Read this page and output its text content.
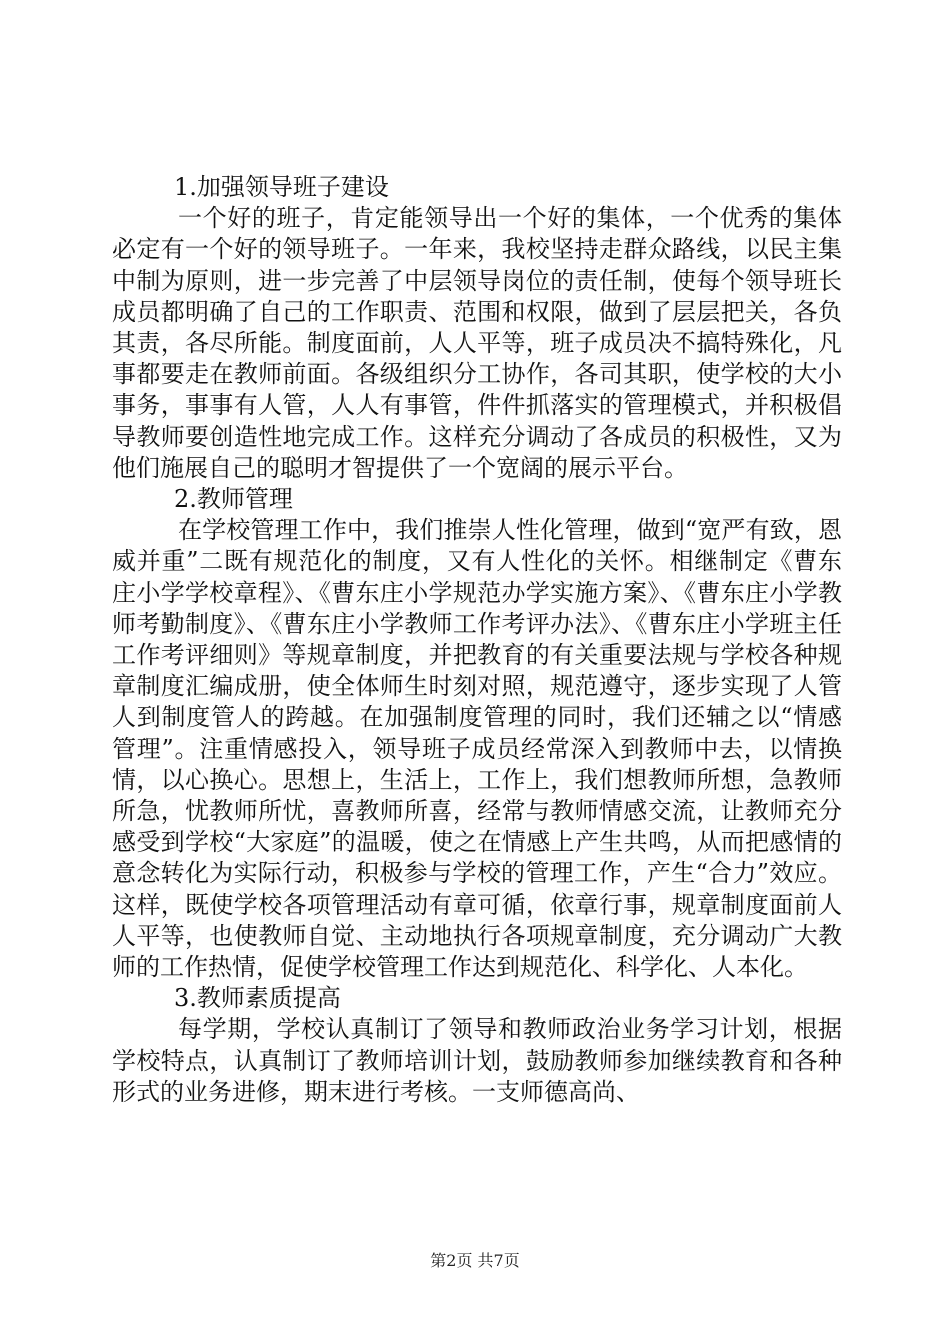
1.加强领导班子建设

一个好的班子，肯定能领导出一个好的集体，一个优秀的集体必定有一个好的领导班子。一年来，我校坚持走群众路线，以民主集中制为原则，进一步完善了中层领导岗位的责任制，使每个领导班长成员都明确了自己的工作职责、范围和权限，做到了层层把关，各负其责，各尽所能。制度面前，人人平等，班子成员决不搞特殊化，凡事都要走在教师前面。各级组织分工协作，各司其职，使学校的大小事务，事事有人管，人人有事管，件件抓落实的管理模式，并积极倡导教师要创造性地完成工作。这样充分调动了各成员的积极性，又为他们施展自己的聪明才智提供了一个宽阔的展示平台。

2.教师管理

在学校管理工作中，我们推崇人性化管理，做到“宽严有致，恩威并重”二既有规范化的制度，又有人性化的关怀。相继制定《曹东庄小学学校章程》、《曹东庄小学规范办学实施方案》、《曹东庄小学教师考勤制度》、《曹东庄小学教师工作考评办法》、《曹东庄小学班主任工作考评细则》等规章制度，并把教育的有关重要法规与学校各种规章制度汇编成册，使全体师生时刻对照，规范遵守，逐步实现了人管人到制度管人的跨越。在加强制度管理的同时，我们还辅之以“情感管理”。注重情感投入，领导班子成员经常深入到教师中去，以情换情，以心换心。思想上，生活上，工作上，我们想教师所想，急教师所急，忧教师所忧，喜教师所喜，经常与教师情感交流，让教师充分感受到学校“大家庭”的温暖，使之在情感上产生共鸣，从而把感情的意念转化为实际行动，积极参与学校的管理工作，产生“合力”效应。这样，既使学校各项管理活动有章可循，依章行事，规章制度面前人人平等，也使教师自觉、主动地执行各项规章制度，充分调动广大教师的工作热情，促使学校管理工作达到规范化、科学化、人本化。

3.教师素质提高

每学期，学校认真制订了领导和教师政治业务学习计划，根据学校特点，认真制订了教师培训计划，鼓励教师参加继续教育和各种形式的业务进修，期末进行考核。一支师德高尚、

第2页 共7页
